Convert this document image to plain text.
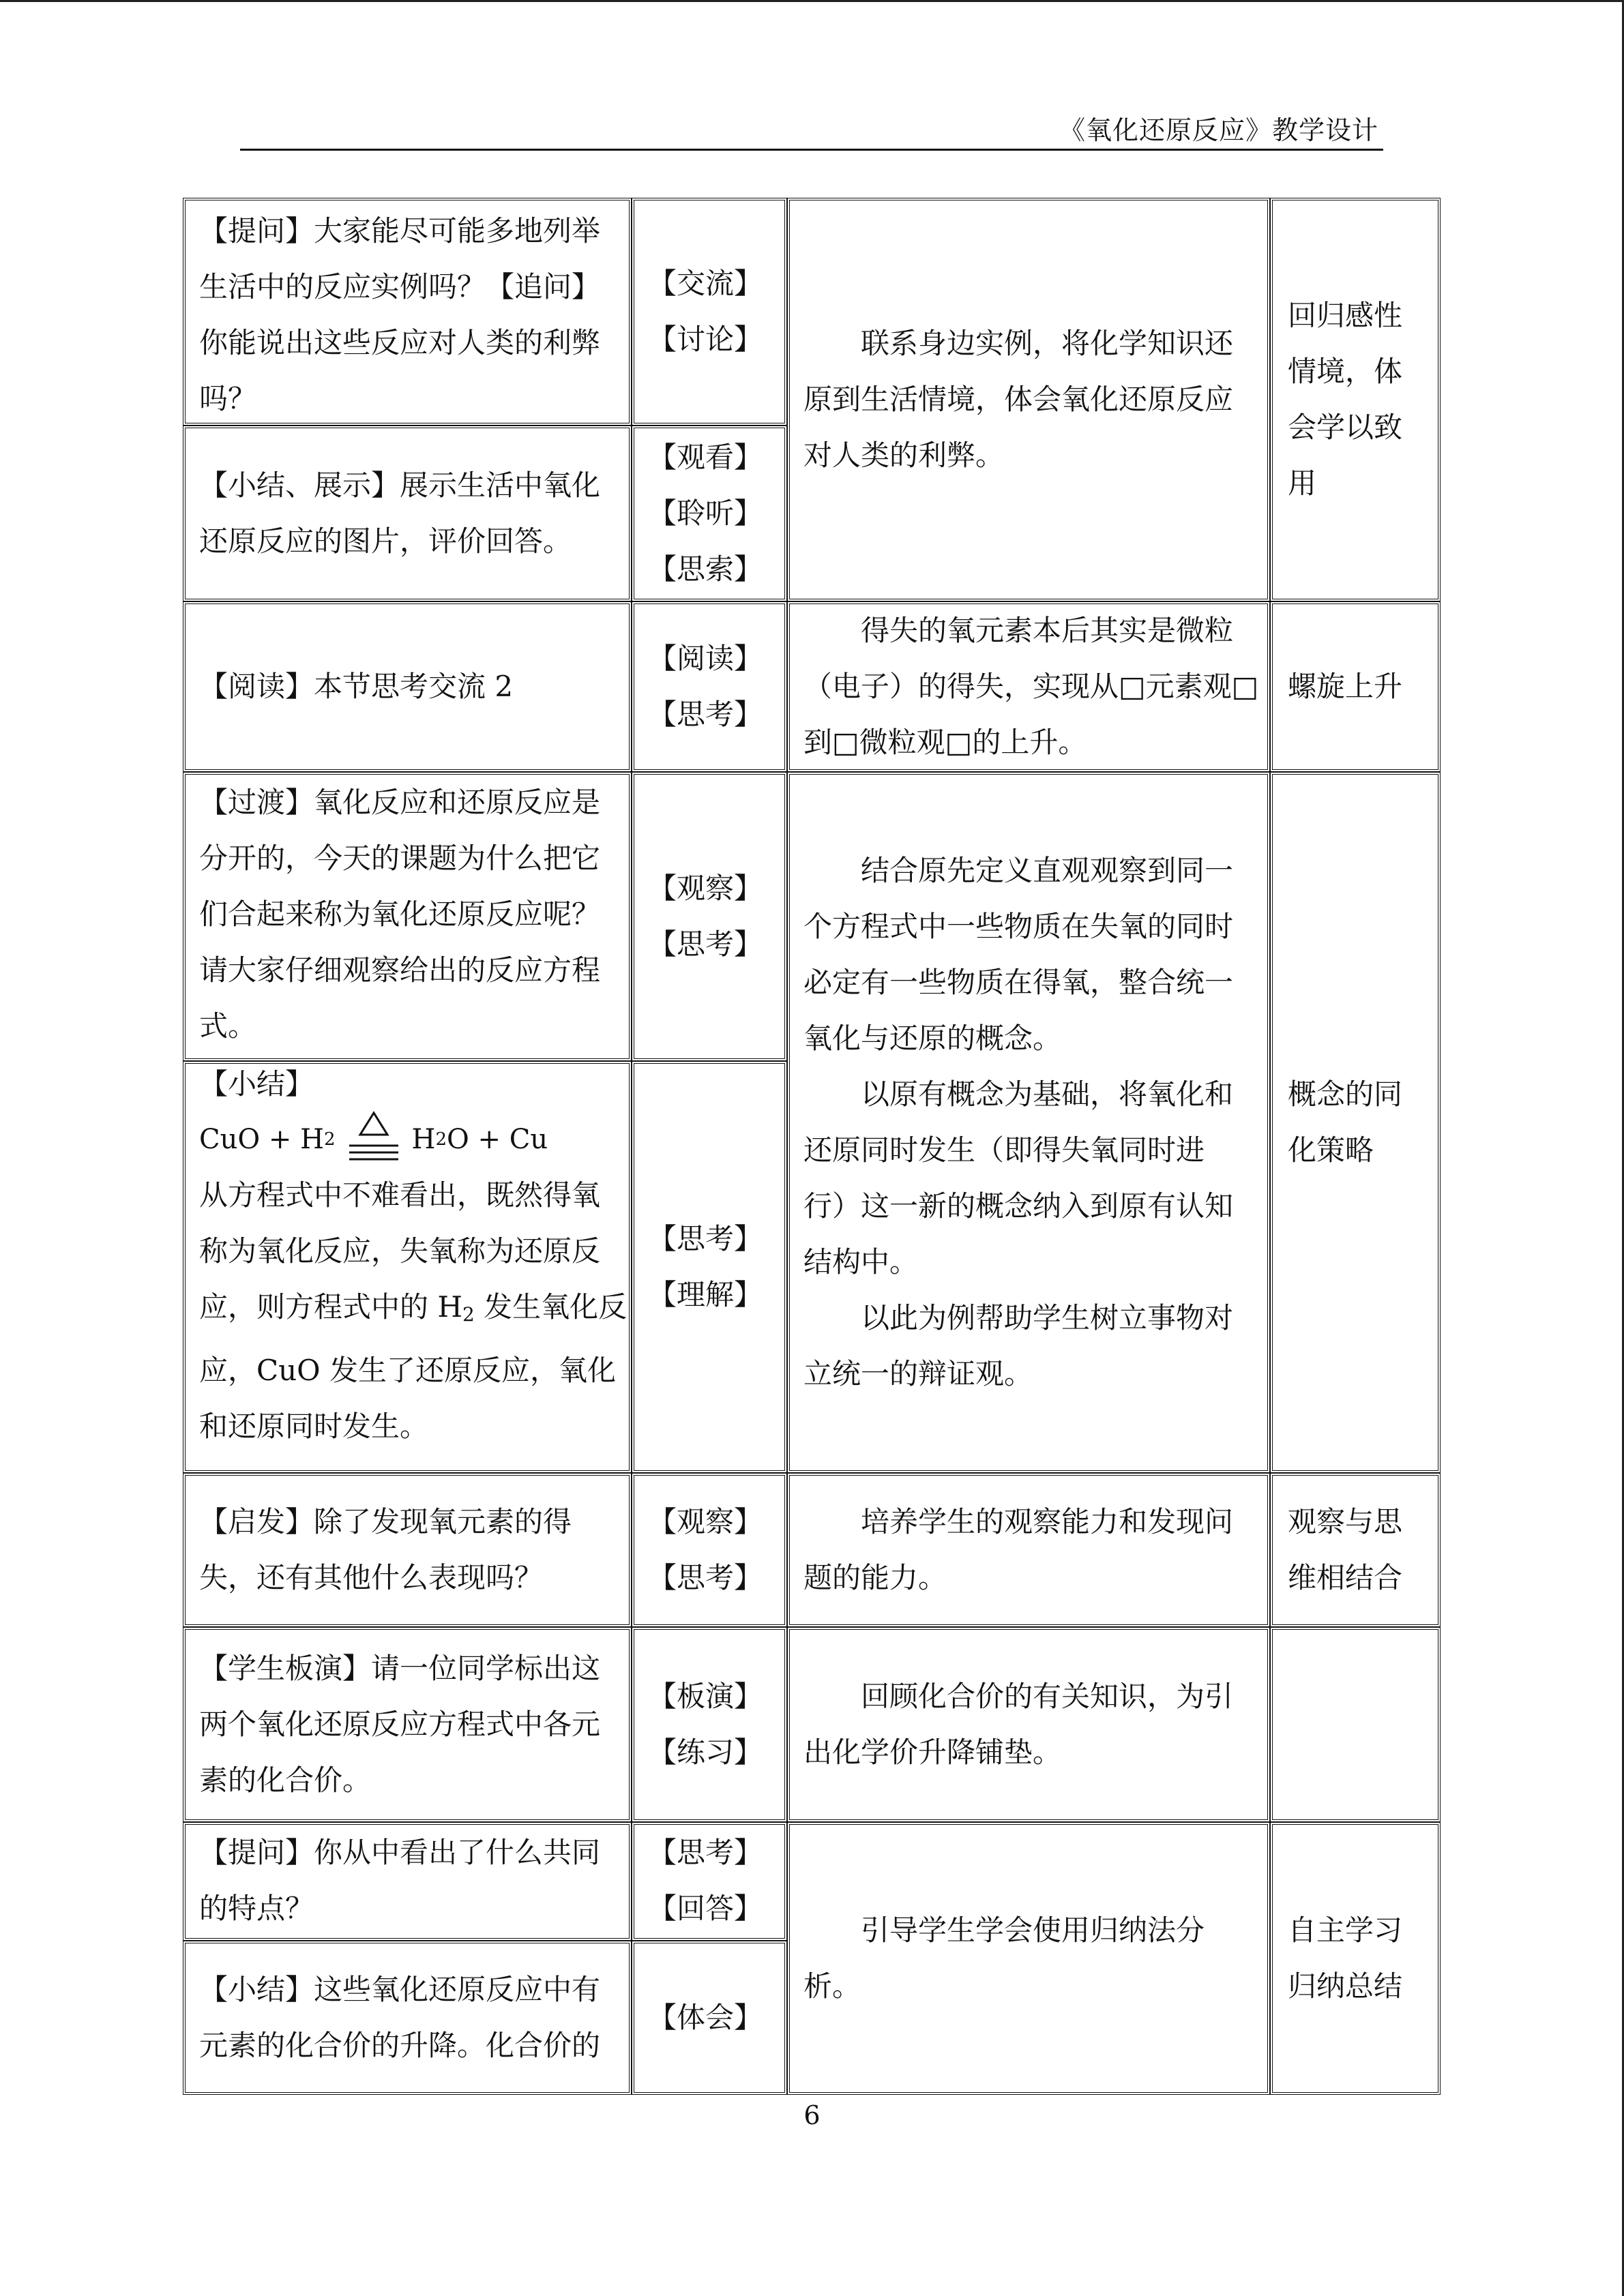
《氧化还原反应》教学设计
【提问】大家能尽可能多地列举
生活中的反应实例吗？【追问】
你能说出这些反应对人类的利弊
吗？
【交流】
【讨论】
【小结、展示】展示生活中氧化
还原反应的图片，评价回答。
【观看】
【聆听】
【思索】
联系身边实例，将化学知识还
原到生活情境，体会氧化还原反应
对人类的利弊。
回归感性
情境，体
会学以致
用
【阅读】本节思考交流 2
【阅读】
【思考】
得失的氧元素本后其实是微粒
（电子）的得失，实现从□元素观□
到□微粒观□的上升。
螺旋上升
【过渡】氧化反应和还原反应是
分开的，今天的课题为什么把它
们合起来称为氧化还原反应呢？
请大家仔细观察给出的反应方程
式。
【观察】
【思考】
【小结】
CuO + H 2	H 2 O + Cu
从方程式中不难看出，既然得氧
称为氧化反应，失氧称为还原反
应，则方程式中的 H2 发生氧化反
应，CuO 发生了还原反应，氧化
和还原同时发生。
【思考】
【理解】
结合原先定义直观观察到同一
个方程式中一些物质在失氧的同时
必定有一些物质在得氧，整合统一
氧化与还原的概念。
以原有概念为基础，将氧化和
还原同时发生（即得失氧同时进
行）这一新的概念纳入到原有认知
结构中。
以此为例帮助学生树立事物对
立统一的辩证观。
概念的同
化策略
【启发】除了发现氧元素的得
失，还有其他什么表现吗？
【观察】
【思考】
培养学生的观察能力和发现问
题的能力。
观察与思
维相结合
【学生板演】请一位同学标出这
两个氧化还原反应方程式中各元
素的化合价。
【板演】
【练习】
回顾化合价的有关知识，为引
出化学价升降铺垫。
【提问】你从中看出了什么共同
的特点？
【思考】
【回答】
【小结】这些氧化还原反应中有
元素的化合价的升降。化合价的
【体会】
引导学生学会使用归纳法分
析。
自主学习
归纳总结
6
